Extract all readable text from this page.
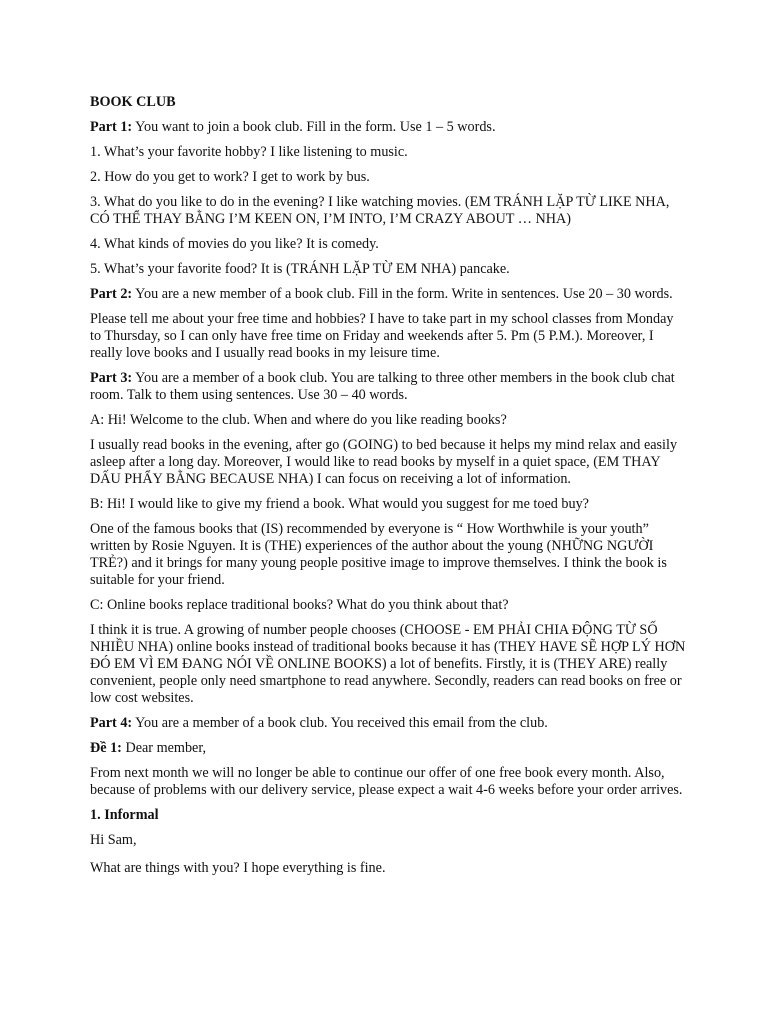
BOOK CLUB

Part 1: You want to join a book club. Fill in the form. Use 1 – 5 words.

1. What’s your favorite hobby? I like listening to music.

2. How do you get to work? I get to work by bus.

3. What do you like to do in the evening? I like watching movies. (EM TRÁNH LẶP TỪ LIKE NHA, CÓ THỂ THAY BẰNG I’M KEEN ON, I’M INTO, I’M CRAZY ABOUT … NHA)

4. What kinds of movies do you like? It is comedy.

5. What’s your favorite food? It is (TRÁNH LẶP TỪ EM NHA) pancake.

Part 2: You are a new member of a book club. Fill in the form. Write in sentences. Use 20 – 30 words.

Please tell me about your free time and hobbies? I have to take part in my school classes from Monday to Thursday, so I can only have free time on Friday and weekends after 5. Pm (5 P.M.). Moreover, I really love books and I usually read books in my leisure time.

Part 3: You are a member of a book club. You are talking to three other members in the book club chat room. Talk to them using sentences. Use 30 – 40 words.

A: Hi! Welcome to the club. When and where do you like reading books?

I usually read books in the evening, after go (GOING) to bed because it helps my mind relax and easily asleep after a long day. Moreover, I would like to read books by myself in a quiet space, (EM THAY DẤU PHẨY BẰNG BECAUSE NHA) I can focus on receiving a lot of information.

B: Hi! I would like to give my friend a book. What would you suggest for me toed buy?

One of the famous books that (IS) recommended by everyone is “ How Worthwhile is your youth” written by Rosie Nguyen. It is (THE) experiences of the author about the young (NHỮNG NGƯỜI TRẺ?) and it brings for many young people positive image to improve themselves. I think the book is suitable for your friend.

C: Online books replace traditional books? What do you think about that?

I think it is true. A growing of number people chooses (CHOOSE - EM PHẢI CHIA ĐỘNG TỪ SỐ NHIỀU NHA) online books instead of traditional books because it has (THEY HAVE SẼ HỢP LÝ HƠN ĐÓ EM VÌ EM ĐANG NÓI VỀ ONLINE BOOKS) a lot of benefits. Firstly, it is (THEY ARE) really convenient, people only need smartphone to read anywhere. Secondly, readers can read books on free or low cost websites.

Part 4: You are a member of a book club. You received this email from the club.

Đề 1: Dear member,

From next month we will no longer be able to continue our offer of one free book every month. Also, because of problems with our delivery service, please expect a wait 4-6 weeks before your order arrives.

1. Informal

Hi Sam,

What are things with you? I hope everything is fine.
